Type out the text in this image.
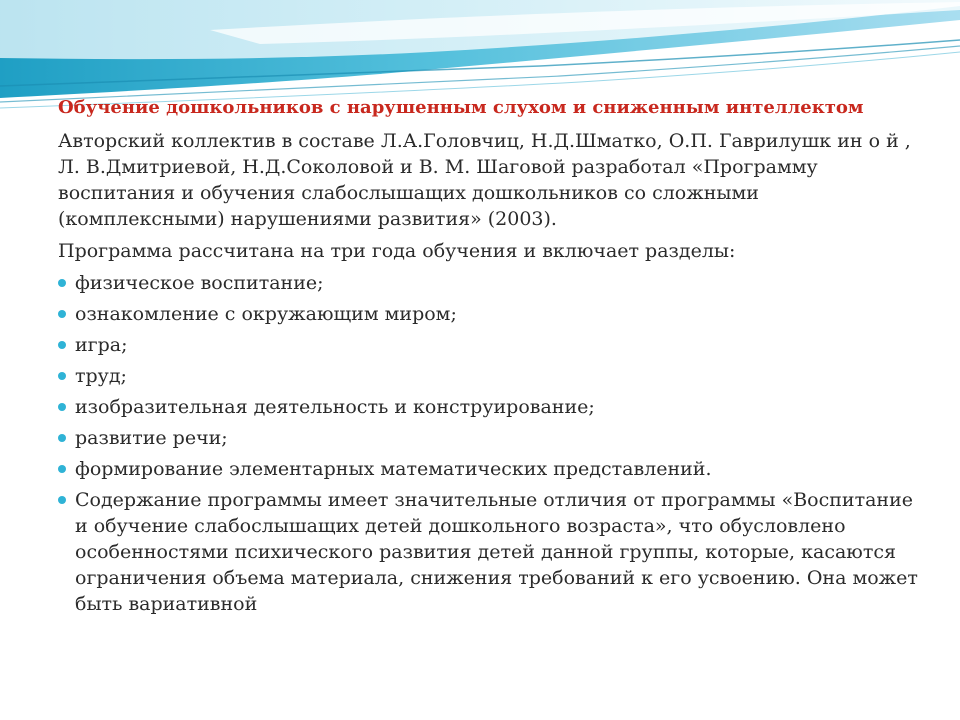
Обучение дошкольников с нарушенным слухом и сниженным интеллектом

Авторский коллектив в составе Л.А.Головчиц, Н.Д.Шматко, О.П. Гаврилушк ин о й , Л. В.Дмитриевой, Н.Д.Соколовой и В. М. Шаговой разработал «Программу воспитания и обучения слабослышащих дошкольников со сложными (комплексными) нарушениями развития» (2003).

Программа рассчитана на три года обучения и включает разделы:

физическое воспитание;
ознакомление с окружающим миром;
игра;
труд;
изобразительная деятельность и конструирование;
развитие речи;
формирование элементарных математических представлений.
Содержание программы имеет значительные отличия от программы «Воспитание и обучение слабослышащих детей дошкольного возраста», что обусловлено особенностями психического развития детей данной группы, которые, касаются ограничения объема материала, снижения требований к его усвоению. Она может быть вариативной
